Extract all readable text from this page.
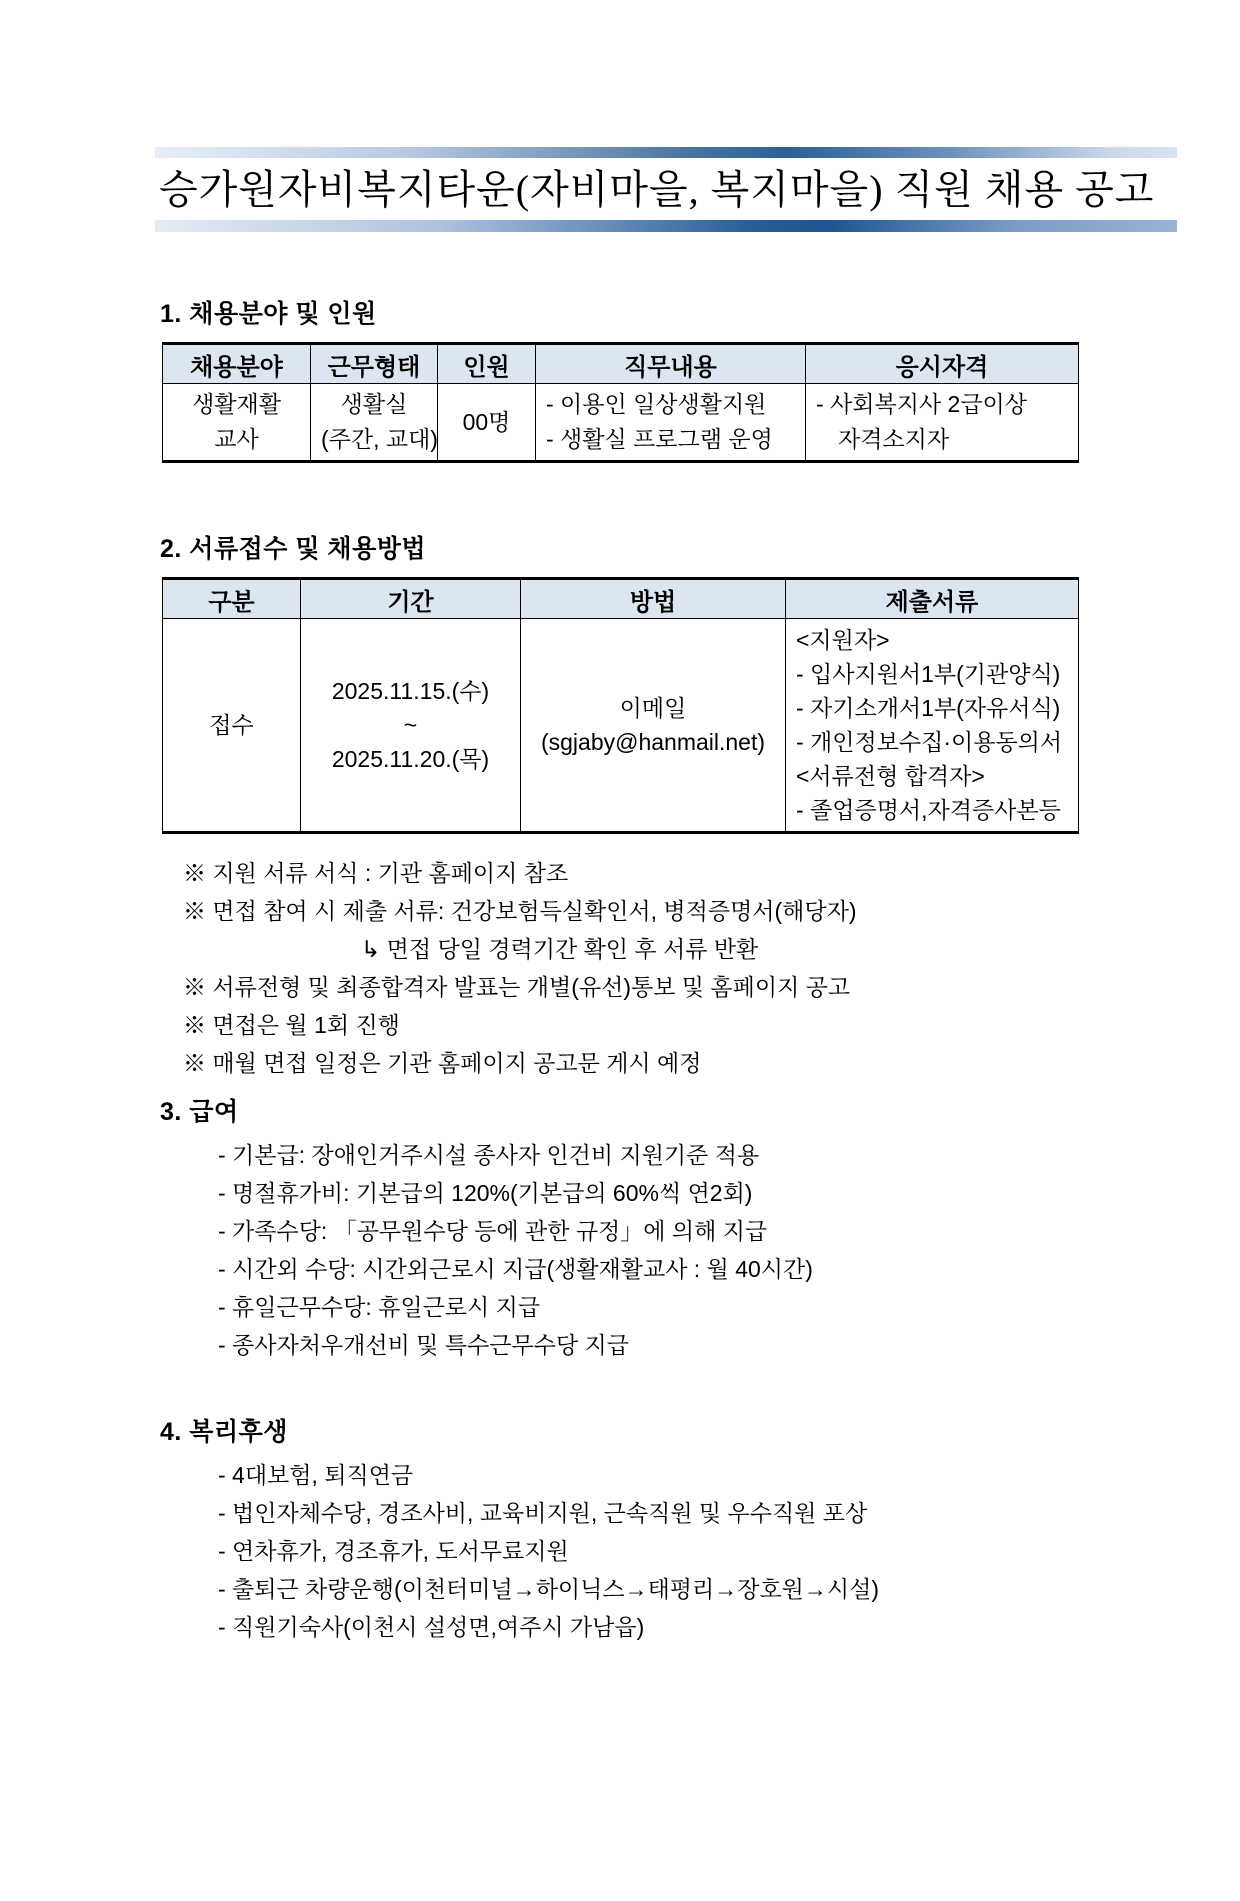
승가원자비복지타운(자비마을, 복지마을) 직원 채용 공고
1. 채용분야 및 인원
채용분야	근무형태	인원	직무내용	응시자격

생활재활
교사

생활실
(주간, 교대)

00명

- 이용인 일상생활지원
- 생활실 프로그램 운영

- 사회복지사 2급이상
자격소지자
2. 서류접수 및 채용방법
구분	기간	방법	제출서류

접수

2025.11.15.(수)
~
2025.11.20.(목)

이메일
(sgjaby@hanmail.net)

<지원자>
- 입사지원서1부(기관양식)
- 자기소개서1부(자유서식)
- 개인정보수집·이용동의서
<서류전형 합격자>
- 졸업증명서,자격증사본등
※ 지원 서류 서식 : 기관 홈페이지 참조
※ 면접 참여 시 제출 서류: 건강보험득실확인서, 병적증명서(해당자)
↳ 면접 당일 경력기간 확인 후 서류 반환
※ 서류전형 및 최종합격자 발표는 개별(유선)통보 및 홈페이지 공고
※ 면접은 월 1회 진행
※ 매월 면접 일정은 기관 홈페이지 공고문 게시 예정
3. 급여
- 기본급: 장애인거주시설 종사자 인건비 지원기준 적용
- 명절휴가비: 기본급의 120%(기본급의 60%씩 연2회)
- 가족수당: 「공무원수당 등에 관한 규정」에 의해 지급
- 시간외 수당: 시간외근로시 지급(생활재활교사 : 월 40시간)
- 휴일근무수당: 휴일근로시 지급
- 종사자처우개선비 및 특수근무수당 지급
4. 복리후생
- 4대보험, 퇴직연금
- 법인자체수당, 경조사비, 교육비지원, 근속직원 및 우수직원 포상
- 연차휴가, 경조휴가, 도서무료지원
- 출퇴근 차량운행(이천터미널→하이닉스→태평리→장호원→시설)
- 직원기숙사(이천시 설성면,여주시 가남읍)
